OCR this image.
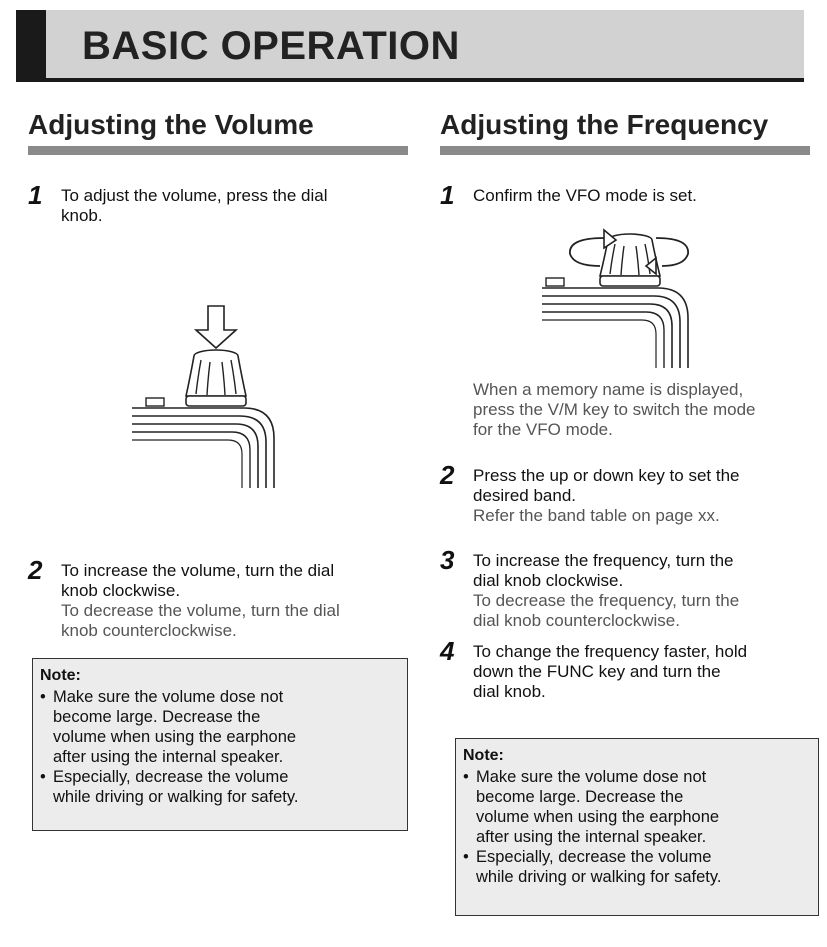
BASIC OPERATION
Adjusting the Volume
1 To adjust the volume, press the dial
knob.

2 To increase the volume, turn the dial
knob clockwise.
To decrease the volume, turn the dial
knob counterclockwise.

Note:

• Make sure the volume dose not
become large. Decrease the
volume when using the earphone
after using the internal speaker.
• Especially, decrease the volume
while driving or walking for safety.
Adjusting the Frequency
1 Confirm the VFO mode is set.

When a memory name is displayed,
press the V/M key to switch the mode
for the VFO mode.

2 Press the up or down key to set the
desired band.
Refer the band table on page xx.

3 To increase the frequency, turn the
dial knob clockwise.
To decrease the frequency, turn the
dial knob counterclockwise.

4 To change the frequency faster, hold
down the FUNC key and turn the
dial knob.

Note:

• Make sure the volume dose not
become large. Decrease the
volume when using the earphone
after using the internal speaker.
• Especially, decrease the volume
while driving or walking for safety.
